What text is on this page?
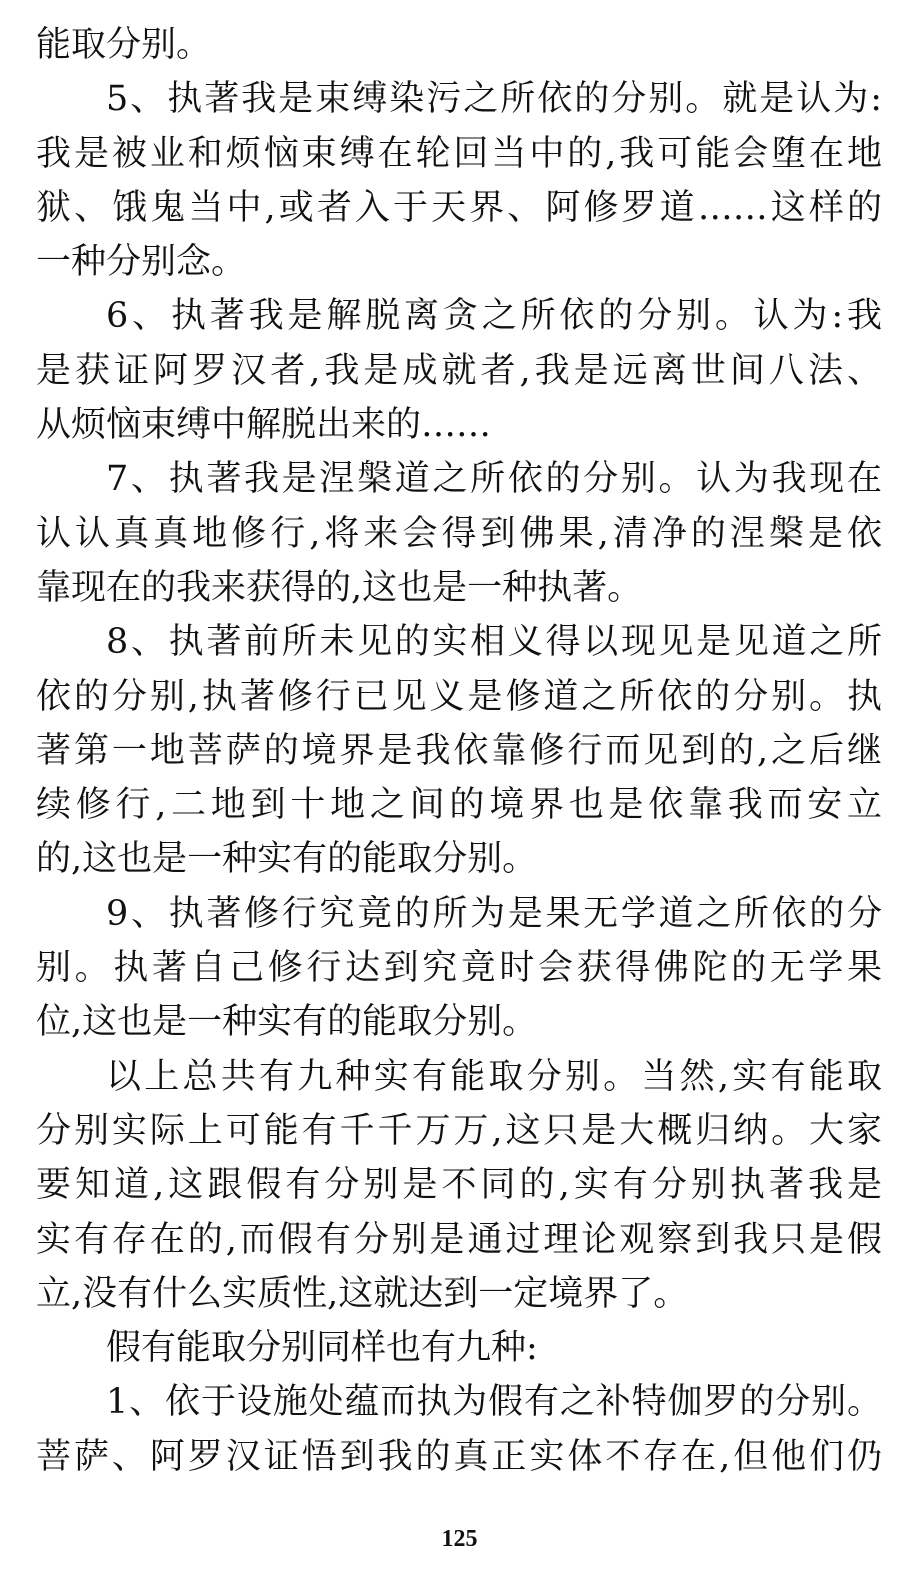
能取分别。
5、执著我是束缚染污之所依的分别。就是认为:
我是被业和烦恼束缚在轮回当中的,我可能会堕在地
狱、饿鬼当中,或者入于天界、阿修罗道……这样的
一种分别念。
6、执著我是解脱离贪之所依的分别。认为:我
是获证阿罗汉者,我是成就者,我是远离世间八法、
从烦恼束缚中解脱出来的……
7、执著我是涅槃道之所依的分别。认为我现在
认认真真地修行,将来会得到佛果,清净的涅槃是依
靠现在的我来获得的,这也是一种执著。
8、执著前所未见的实相义得以现见是见道之所
依的分别,执著修行已见义是修道之所依的分别。执
著第一地菩萨的境界是我依靠修行而见到的,之后继
续修行,二地到十地之间的境界也是依靠我而安立
的,这也是一种实有的能取分别。
9、执著修行究竟的所为是果无学道之所依的分
别。执著自己修行达到究竟时会获得佛陀的无学果
位,这也是一种实有的能取分别。
以上总共有九种实有能取分别。当然,实有能取
分别实际上可能有千千万万,这只是大概归纳。大家
要知道,这跟假有分别是不同的,实有分别执著我是
实有存在的,而假有分别是通过理论观察到我只是假
立,没有什么实质性,这就达到一定境界了。
假有能取分别同样也有九种:
1、依于设施处蕴而执为假有之补特伽罗的分别。
菩萨、阿罗汉证悟到我的真正实体不存在,但他们仍
125
